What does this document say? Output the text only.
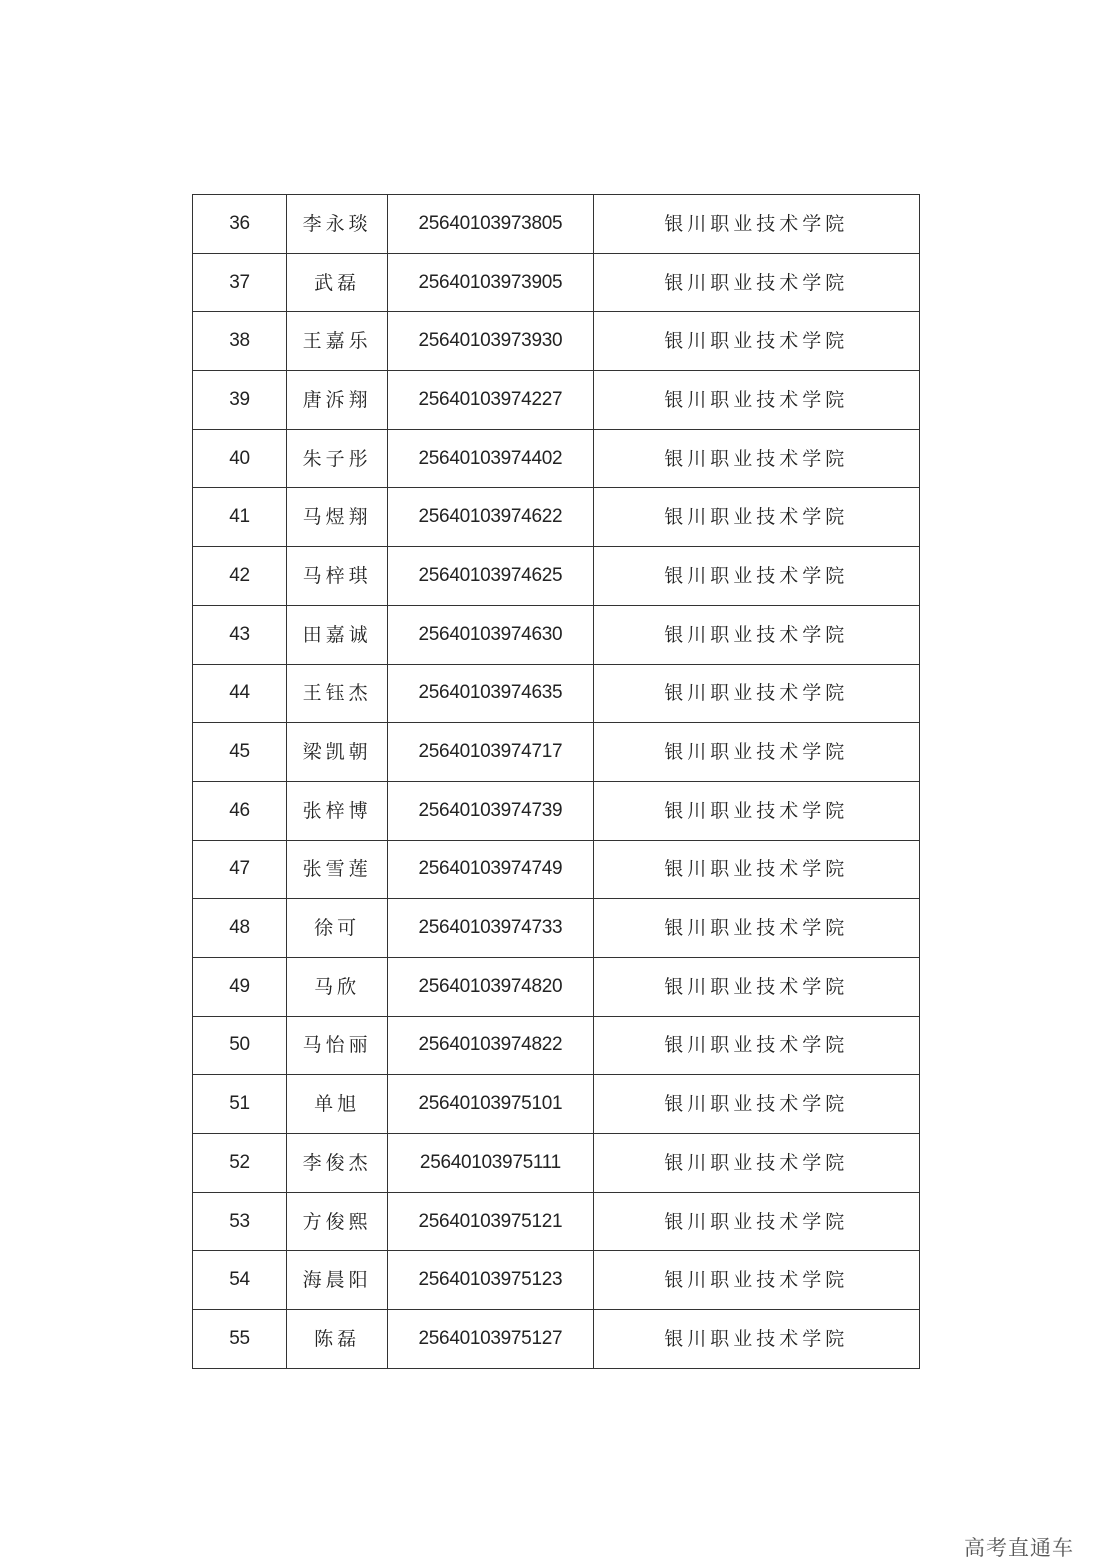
36	李永琰	25640103973805	银川职业技术学院
37	武磊	25640103973905	银川职业技术学院
38	王嘉乐	25640103973930	银川职业技术学院
39	唐泝翔	25640103974227	银川职业技术学院
40	朱子彤	25640103974402	银川职业技术学院
41	马煜翔	25640103974622	银川职业技术学院
42	马梓琪	25640103974625	银川职业技术学院
43	田嘉诚	25640103974630	银川职业技术学院
44	王钰杰	25640103974635	银川职业技术学院
45	梁凯朝	25640103974717	银川职业技术学院
46	张梓博	25640103974739	银川职业技术学院
47	张雪莲	25640103974749	银川职业技术学院
48	徐可	25640103974733	银川职业技术学院
49	马欣	25640103974820	银川职业技术学院
50	马怡丽	25640103974822	银川职业技术学院
51	单旭	25640103975101	银川职业技术学院
52	李俊杰	25640103975111	银川职业技术学院
53	方俊熙	25640103975121	银川职业技术学院
54	海晨阳	25640103975123	银川职业技术学院
55	陈磊	25640103975127	银川职业技术学院
高考直通车
